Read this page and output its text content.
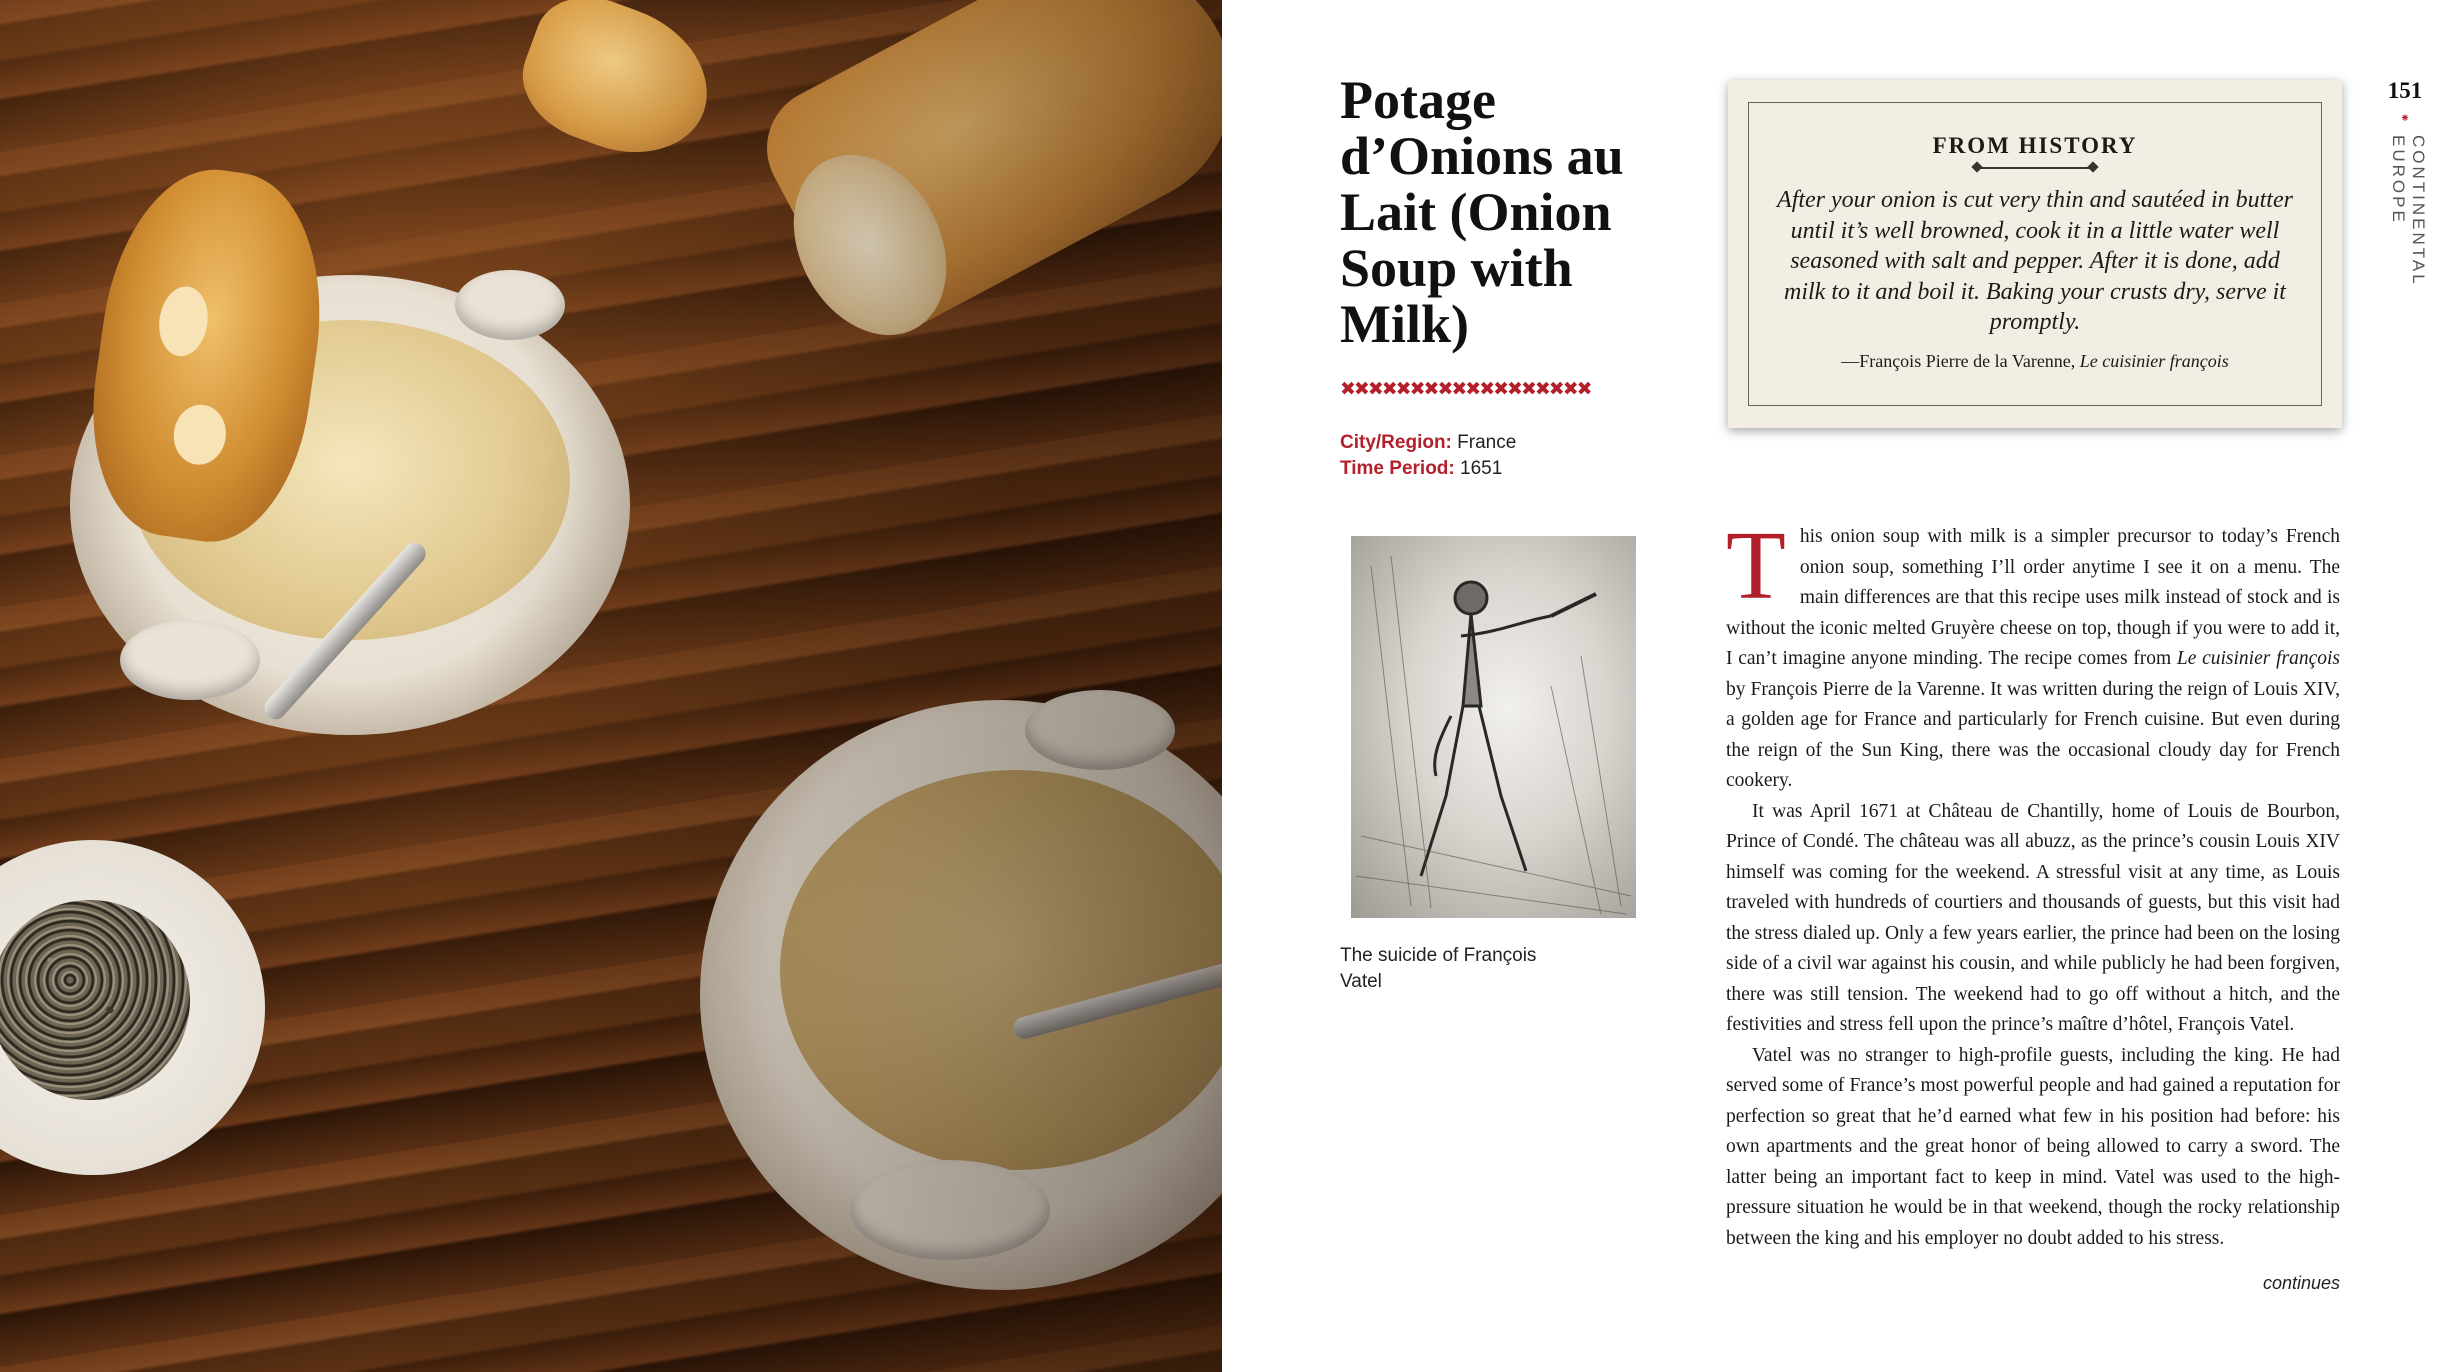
Potage d’Onions au Lait (Onion Soup with Milk)
✖✖✖✖✖✖✖✖✖✖✖✖✖✖✖✖✖✖
City/Region: France
Time Period: 1651

The suicide of François Vatel

FROM HISTORY
After your onion is cut very thin and sautéed in butter until it’s well browned, cook it in a little water well seasoned with salt and pepper. After it is done, add milk to it and boil it. Baking your crusts dry, serve it promptly.
—François Pierre de la Varenne, Le cuisinier françois
151
⁕
CONTINENTAL EUROPE

This onion soup with milk is a simpler precursor to today’s French onion soup, something I’ll order anytime I see it on a menu. The main differences are that this recipe uses milk instead of stock and is without the iconic melted Gruyère cheese on top, though if you were to add it, I can’t imagine anyone minding. The recipe comes from Le cuisinier françois by François Pierre de la Varenne. It was written during the reign of Louis XIV, a golden age for France and particularly for French cuisine. But even during the reign of the Sun King, there was the occasional cloudy day for French cookery.

It was April 1671 at Château de Chantilly, home of Louis de Bourbon, Prince of Condé. The château was all abuzz, as the prince’s cousin Louis XIV himself was coming for the weekend. A stressful visit at any time, as Louis traveled with hundreds of courtiers and thousands of guests, but this visit had the stress dialed up. Only a few years earlier, the prince had been on the losing side of a civil war against his cousin, and while publicly he had been forgiven, there was still tension. The weekend had to go off without a hitch, and the festivities and stress fell upon the prince’s maître d’hôtel, François Vatel.

Vatel was no stranger to high-profile guests, including the king. He had served some of France’s most powerful people and had gained a reputation for perfection so great that he’d earned what few in his position had before: his own apartments and the great honor of being allowed to carry a sword. The latter being an important fact to keep in mind. Vatel was used to the high-pressure situation he would be in that weekend, though the rocky relationship between the king and his employer no doubt added to his stress.

continues
